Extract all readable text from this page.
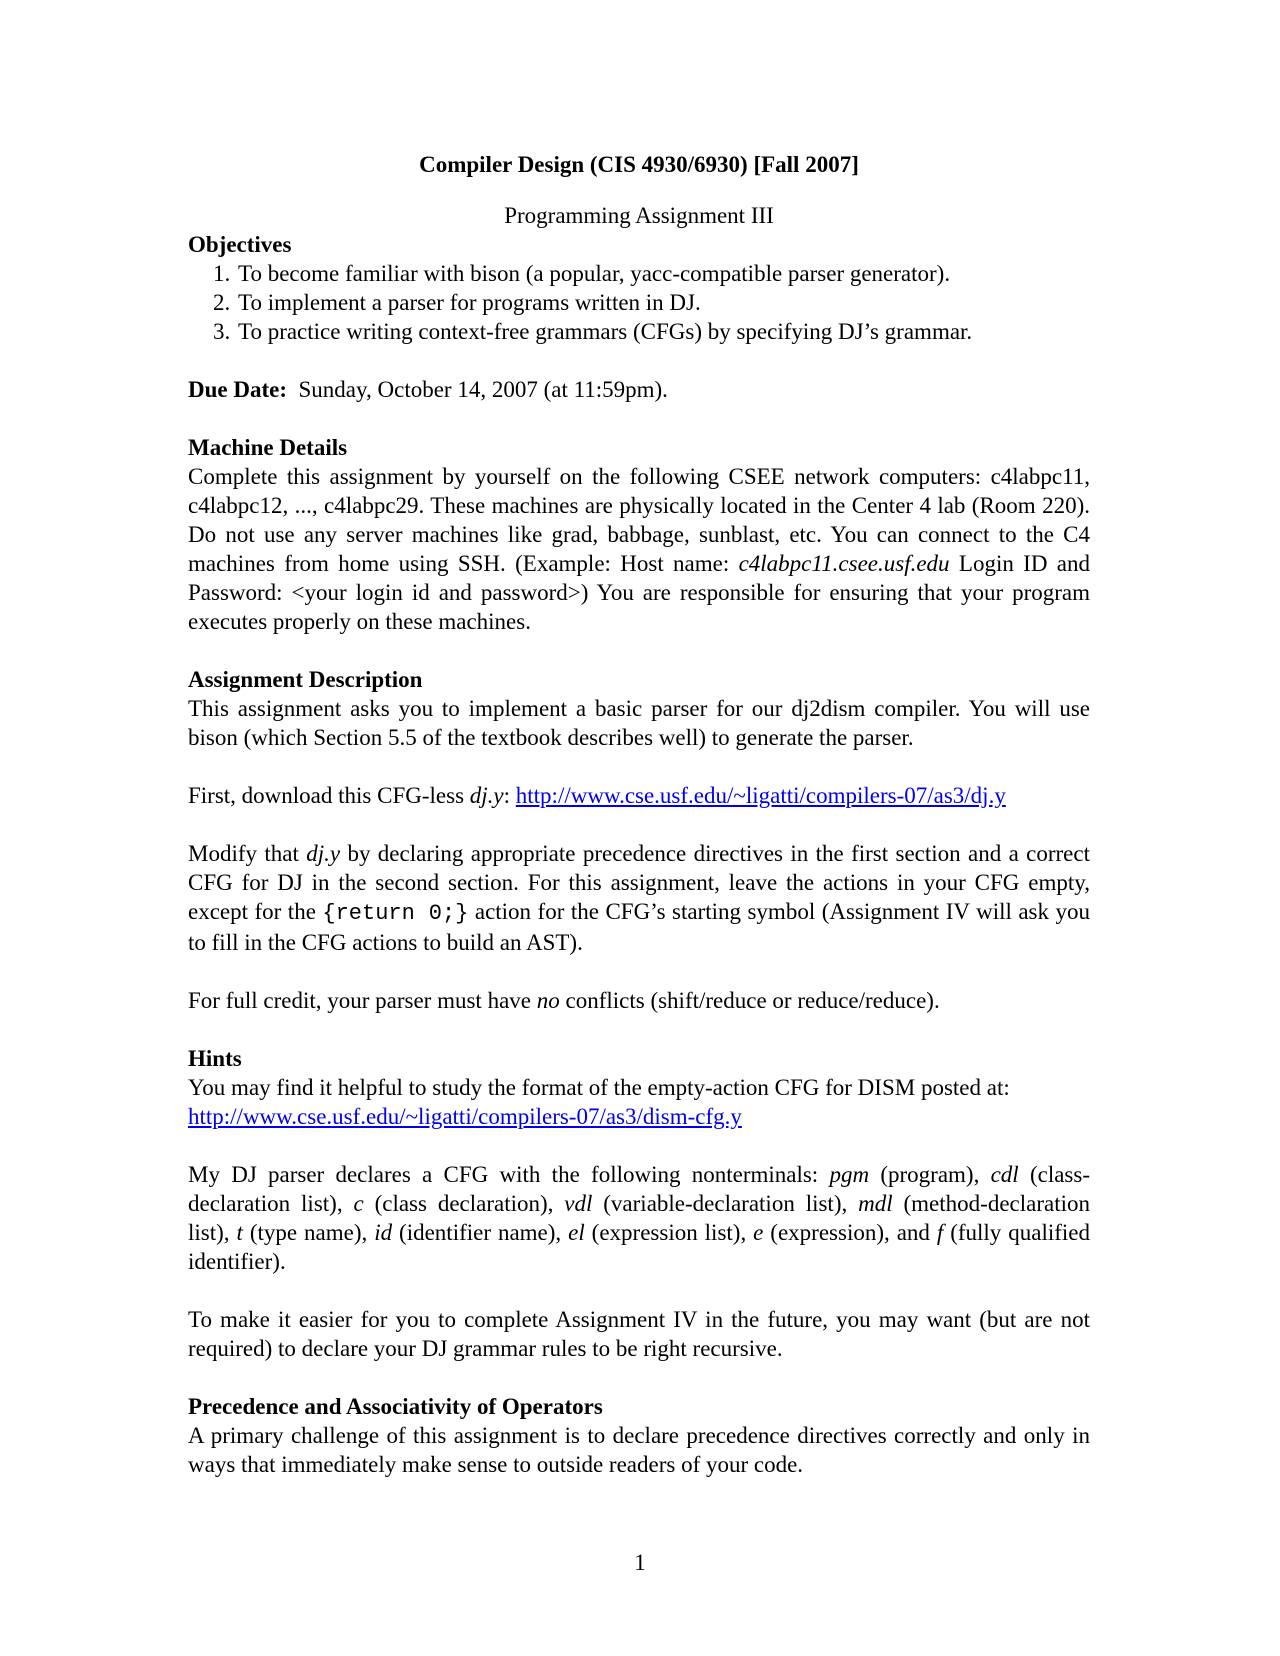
Compiler Design (CIS 4930/6930) [Fall 2007]

Programming Assignment III

Objectives
1. To become familiar with bison (a popular, yacc-compatible parser generator).
2. To implement a parser for programs written in DJ.
3. To practice writing context-free grammars (CFGs) by specifying DJ’s grammar.

Due Date: Sunday, October 14, 2007 (at 11:59pm).

Machine Details

Complete this assignment by yourself on the following CSEE network computers: c4labpc11, c4labpc12, ..., c4labpc29. These machines are physically located in the Center 4 lab (Room 220). Do not use any server machines like grad, babbage, sunblast, etc. You can connect to the C4 machines from home using SSH. (Example: Host name: c4labpc11.csee.usf.edu Login ID and Password: <your login id and password>) You are responsible for ensuring that your program executes properly on these machines.

Assignment Description

This assignment asks you to implement a basic parser for our dj2dism compiler. You will use bison (which Section 5.5 of the textbook describes well) to generate the parser.

First, download this CFG-less dj.y: http://www.cse.usf.edu/~ligatti/compilers-07/as3/dj.y

Modify that dj.y by declaring appropriate precedence directives in the first section and a correct CFG for DJ in the second section. For this assignment, leave the actions in your CFG empty, except for the {return 0;} action for the CFG’s starting symbol (Assignment IV will ask you to fill in the CFG actions to build an AST).

For full credit, your parser must have no conflicts (shift/reduce or reduce/reduce).

Hints

You may find it helpful to study the format of the empty-action CFG for DISM posted at: http://www.cse.usf.edu/~ligatti/compilers-07/as3/dism-cfg.y

My DJ parser declares a CFG with the following nonterminals: pgm (program), cdl (class-declaration list), c (class declaration), vdl (variable-declaration list), mdl (method-declaration list), t (type name), id (identifier name), el (expression list), e (expression), and f (fully qualified identifier).

To make it easier for you to complete Assignment IV in the future, you may want (but are not required) to declare your DJ grammar rules to be right recursive.

Precedence and Associativity of Operators

A primary challenge of this assignment is to declare precedence directives correctly and only in ways that immediately make sense to outside readers of your code.

1
